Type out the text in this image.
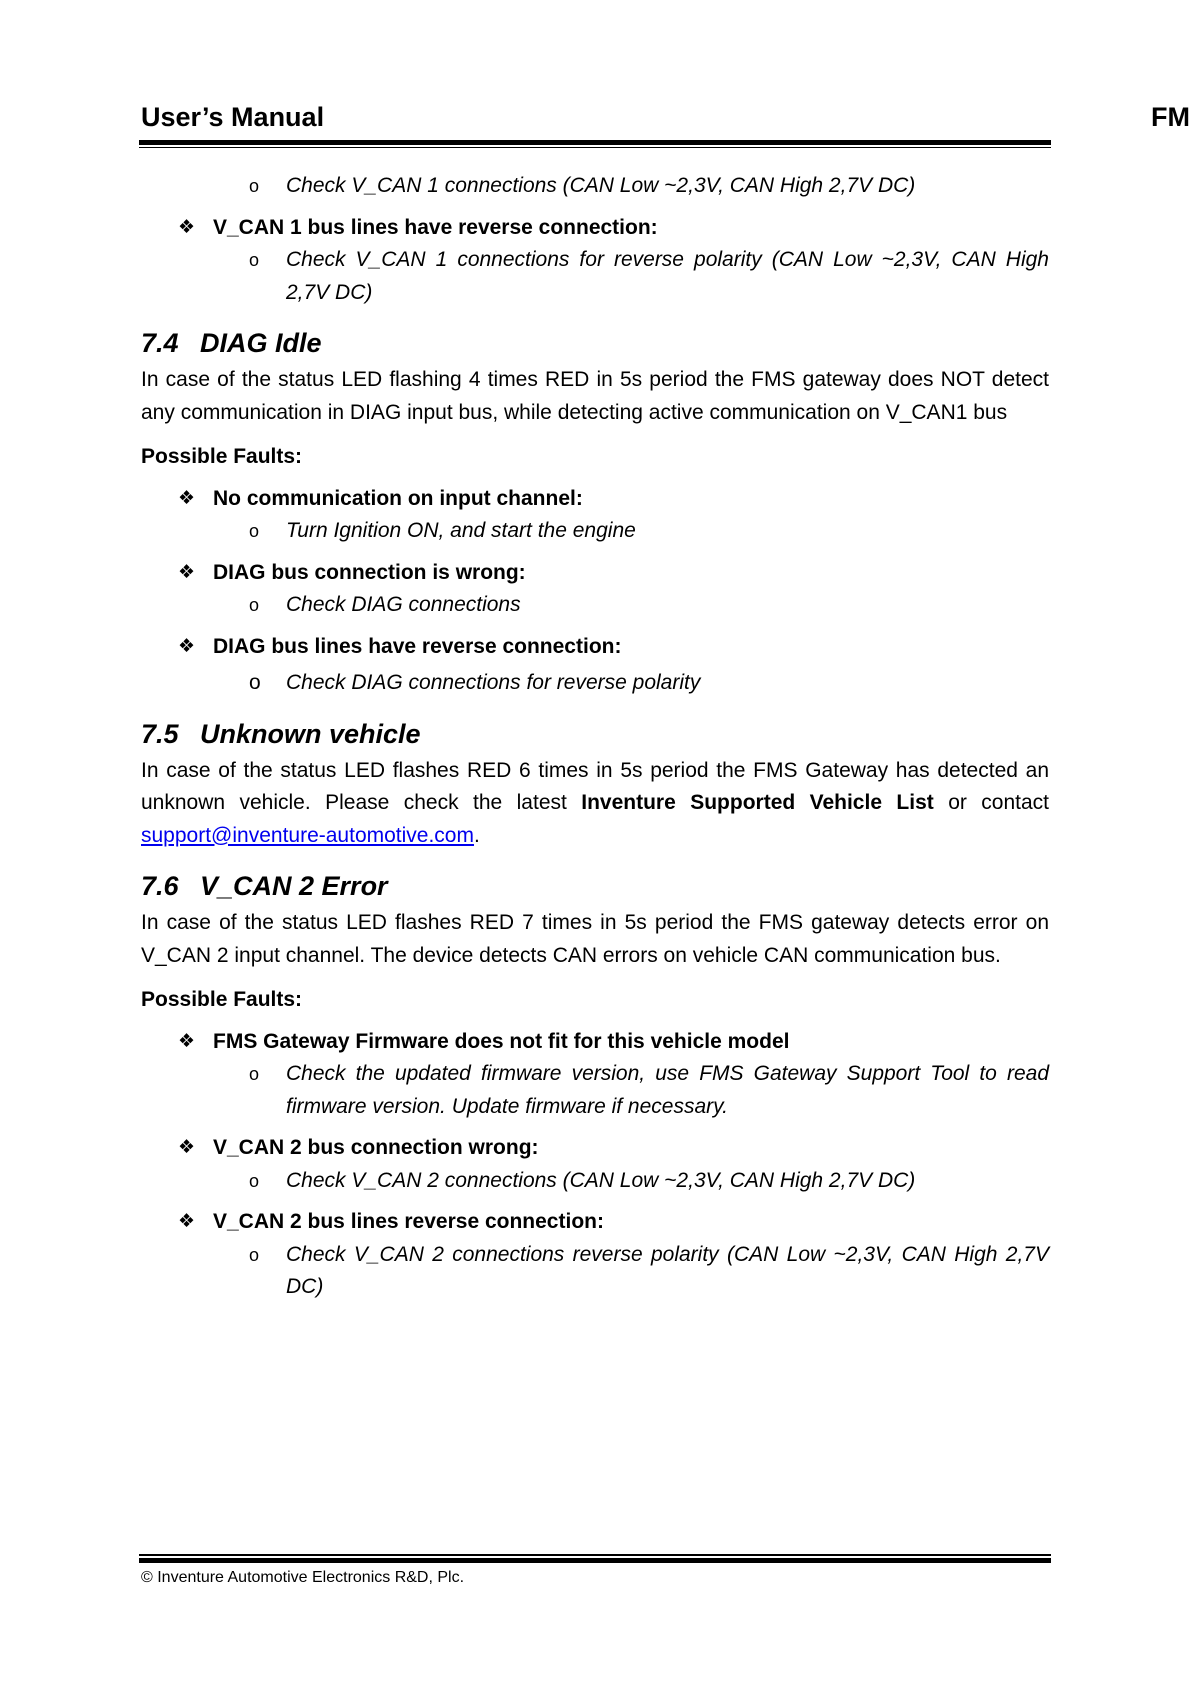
User’s Manual	FM
o Check V_CAN 1 connections (CAN Low ~2,3V, CAN High 2,7V DC)
❖ V_CAN 1 bus lines have reverse connection:
o Check V_CAN 1 connections for reverse polarity (CAN Low ~2,3V, CAN High 2,7V DC)
7.4 DIAG Idle
In case of the status LED flashing 4 times RED in 5s period the FMS gateway does NOT detect any communication in DIAG input bus, while detecting active communication on V_CAN1 bus
Possible Faults:
❖ No communication on input channel:
o Turn Ignition ON, and start the engine
❖ DIAG bus connection is wrong:
o Check DIAG connections
❖ DIAG bus lines have reverse connection:
o Check DIAG connections for reverse polarity
7.5 Unknown vehicle
In case of the status LED flashes RED 6 times in 5s period the FMS Gateway has detected an unknown vehicle. Please check the latest Inventure Supported Vehicle List or contact support@inventure-automotive.com.
7.6 V_CAN 2 Error
In case of the status LED flashes RED 7 times in 5s period the FMS gateway detects error on V_CAN 2 input channel. The device detects CAN errors on vehicle CAN communication bus.
Possible Faults:
❖ FMS Gateway Firmware does not fit for this vehicle model
o Check the updated firmware version, use FMS Gateway Support Tool to read firmware version. Update firmware if necessary.
❖ V_CAN 2 bus connection wrong:
o Check V_CAN 2 connections (CAN Low ~2,3V, CAN High 2,7V DC)
❖ V_CAN 2 bus lines reverse connection:
o Check V_CAN 2 connections reverse polarity (CAN Low ~2,3V, CAN High 2,7V DC)
© Inventure Automotive Electronics R&D, Plc.
